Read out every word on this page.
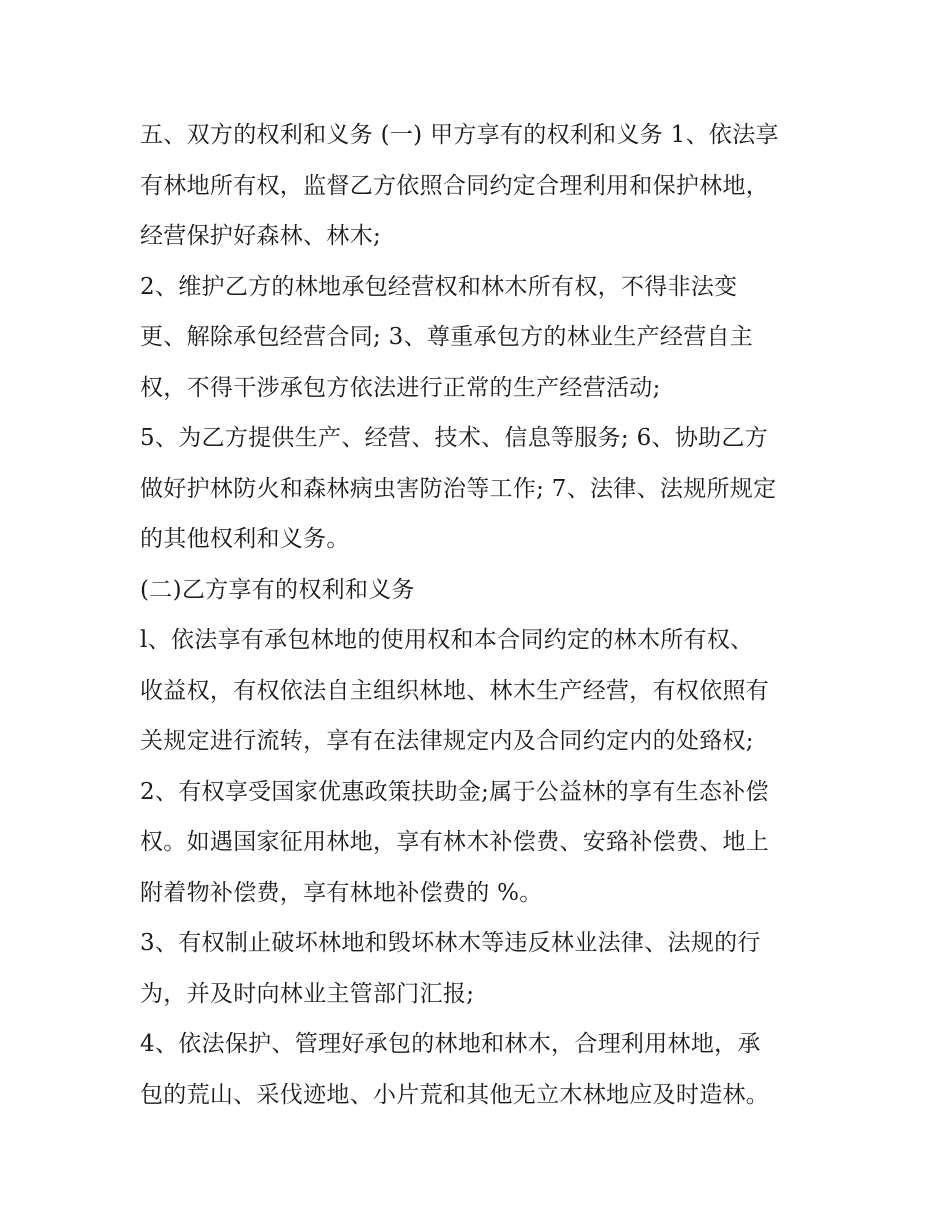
五、双方的权利和义务 (一) 甲方享有的权利和义务 1、依法享
有林地所有权，监督乙方依照合同约定合理利用和保护林地，
经营保护好森林、林木;
2、维护乙方的林地承包经营权和林木所有权，不得非法变
更、解除承包经营合同; 3、尊重承包方的林业生产经营自主
权，不得干涉承包方依法进行正常的生产经营活动;
5、为乙方提供生产、经营、技术、信息等服务; 6、协助乙方
做好护林防火和森林病虫害防治等工作; 7、法律、法规所规定
的其他权利和义务。
(二)乙方享有的权利和义务
l、依法享有承包林地的使用权和本合同约定的林木所有权、
收益权，有权依法自主组织林地、林木生产经营，有权依照有
关规定进行流转，享有在法律规定内及合同约定内的处臵权;
2、有权享受国家优惠政策扶助金;属于公益林的享有生态补偿
权。如遇国家征用林地，享有林木补偿费、安臵补偿费、地上
附着物补偿费，享有林地补偿费的 %。
3、有权制止破坏林地和毁坏林木等违反林业法律、法规的行
为，并及时向林业主管部门汇报;
4、依法保护、管理好承包的林地和林木，合理利用林地，承
包的荒山、采伐迹地、小片荒和其他无立木林地应及时造林。
